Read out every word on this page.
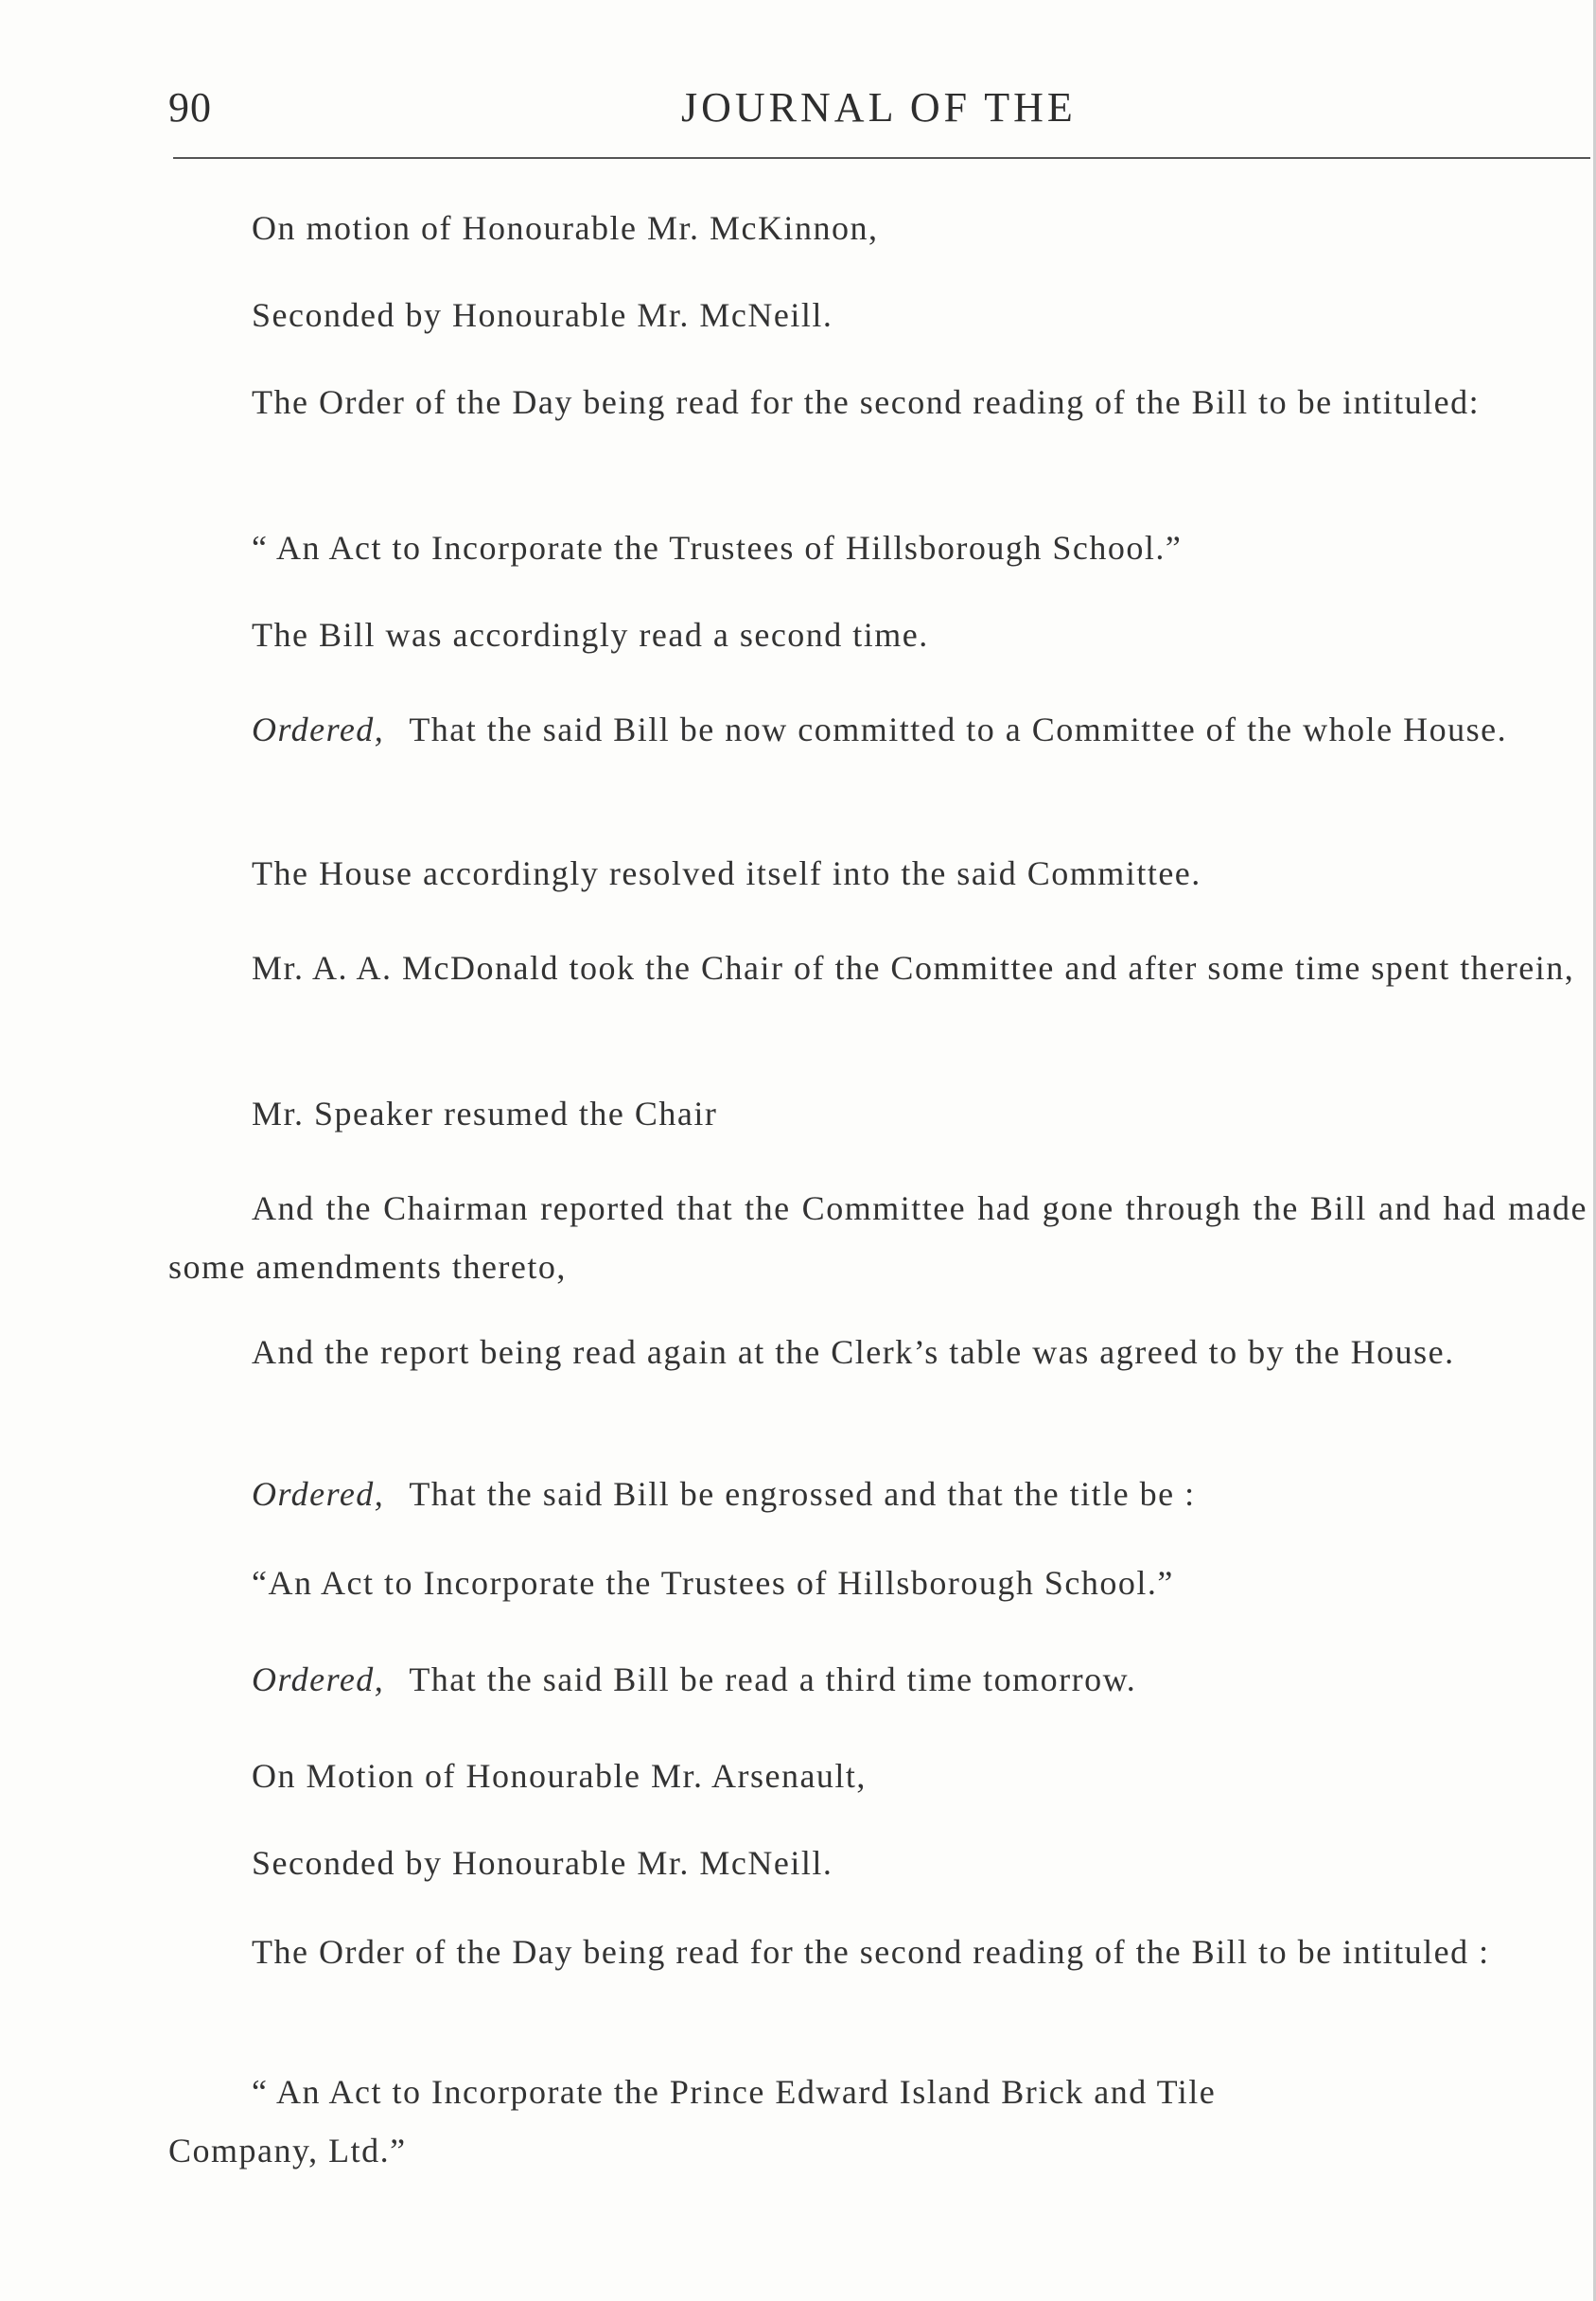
90	JOURNAL OF THE

On motion of Honourable Mr. McKinnon,

Seconded by Honourable Mr. McNeill.

The Order of the Day being read for the second reading of the Bill to be intituled:

“ An Act to Incorporate the Trustees of Hillsborough School.”

The Bill was accordingly read a second time.

Ordered, That the said Bill be now committed to a Committee of the whole House.

The House accordingly resolved itself into the said Committee.

Mr. A. A. McDonald took the Chair of the Committee and after some time spent therein,

Mr. Speaker resumed the Chair

And the Chairman reported that the Committee had gone through the Bill and had made some amendments thereto,

And the report being read again at the Clerk’s table was agreed to by the House.

Ordered, That the said Bill be engrossed and that the title be :

“An Act to Incorporate the Trustees of Hillsborough School.”

Ordered, That the said Bill be read a third time tomorrow.

On Motion of Honourable Mr. Arsenault,

Seconded by Honourable Mr. McNeill.

The Order of the Day being read for the second reading of the Bill to be intituled :

“ An Act to Incorporate the Prince Edward Island Brick and Tile Company, Ltd.”
